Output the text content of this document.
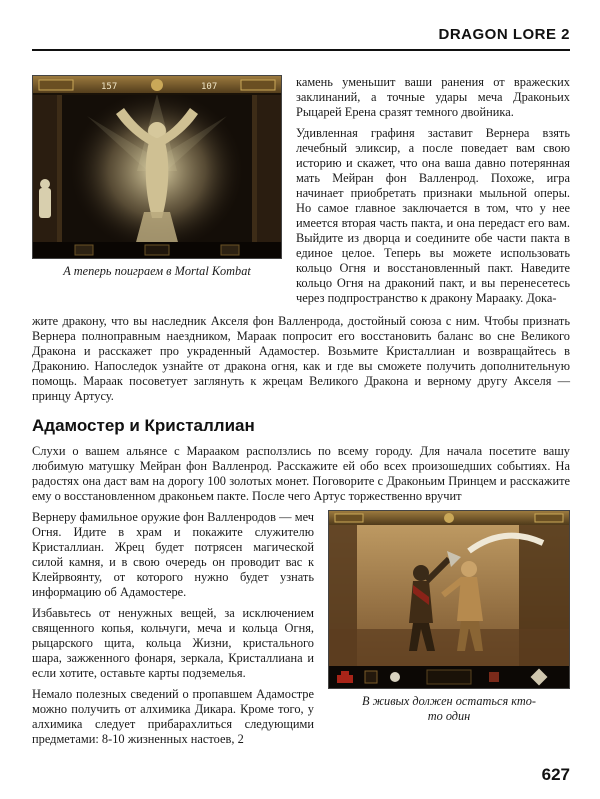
DRAGON LORE 2
157	107
А теперь поиграем в Mortal Kombat

камень уменьшит ваши ранения от вражеских заклинаний, а точные удары меча Драконьих Рыцарей Ерена сразят темного двойника.

Удивленная графиня заставит Вернера взять лечебный эликсир, а после поведает вам свою историю и скажет, что она ваша давно потерянная мать Мейран фон Валленрод. Похоже, игра начинает приобретать признаки мыльной оперы. Но самое главное заключается в том, что у нее имеется вторая часть пакта, и она передаст его вам. Выйдите из дворца и соедините обе части пакта в единое целое. Теперь вы можете использовать кольцо Огня и восстановленный пакт. Наведите кольцо Огня на драконий пакт, и вы перенесетесь через подпространство к дракону Марааку. Дока-

жите дракону, что вы наследник Акселя фон Валленрода, достойный союза с ним. Чтобы признать Вернера полноправным наездником, Мараак попросит его восстановить баланс во сне Великого Дракона и расскажет про украденный Адамостер. Возьмите Кристаллиан и возвращайтесь в Драконию. Напоследок узнайте от дракона огня, как и где вы сможете получить дополнительную помощь. Мараак посоветует заглянуть к жрецам Великого Дракона и верному другу Акселя — принцу Артусу.

Адамостер и Кристаллиан

Слухи о вашем альянсе с Марааком расползлись по всему городу. Для начала посетите вашу любимую матушку Мейран фон Валленрод. Расскажите ей обо всех произошедших событиях. На радостях она даст вам на дорогу 100 золотых монет. Поговорите с Драконьим Принцем и расскажите ему о восстановленном драконьем пакте. После чего Артус торжественно вручит

Вернеру фамильное оружие фон Валленродов — меч Огня. Идите в храм и покажите служителю Кристаллиан. Жрец будет потрясен магической силой камня, и в свою очередь он проводит вас к Клейрвоянту, от которого нужно будет узнать информацию об Адамостере.

Избавьтесь от ненужных вещей, за исключением священного копья, кольчуги, меча и кольца Огня, рыцарского щита, кольца Жизни, кристального шара, зажженного фонаря, зеркала, Кристаллиана и если хотите, оставьте карты подземелья.

Немало полезных сведений о пропавшем Адамостре можно получить от алхимика Дикара. Кроме того, у алхимика следует прибарахлиться следующими предметами: 8-10 жизненных настоев, 2

В живых должен остаться кто-то один
627
